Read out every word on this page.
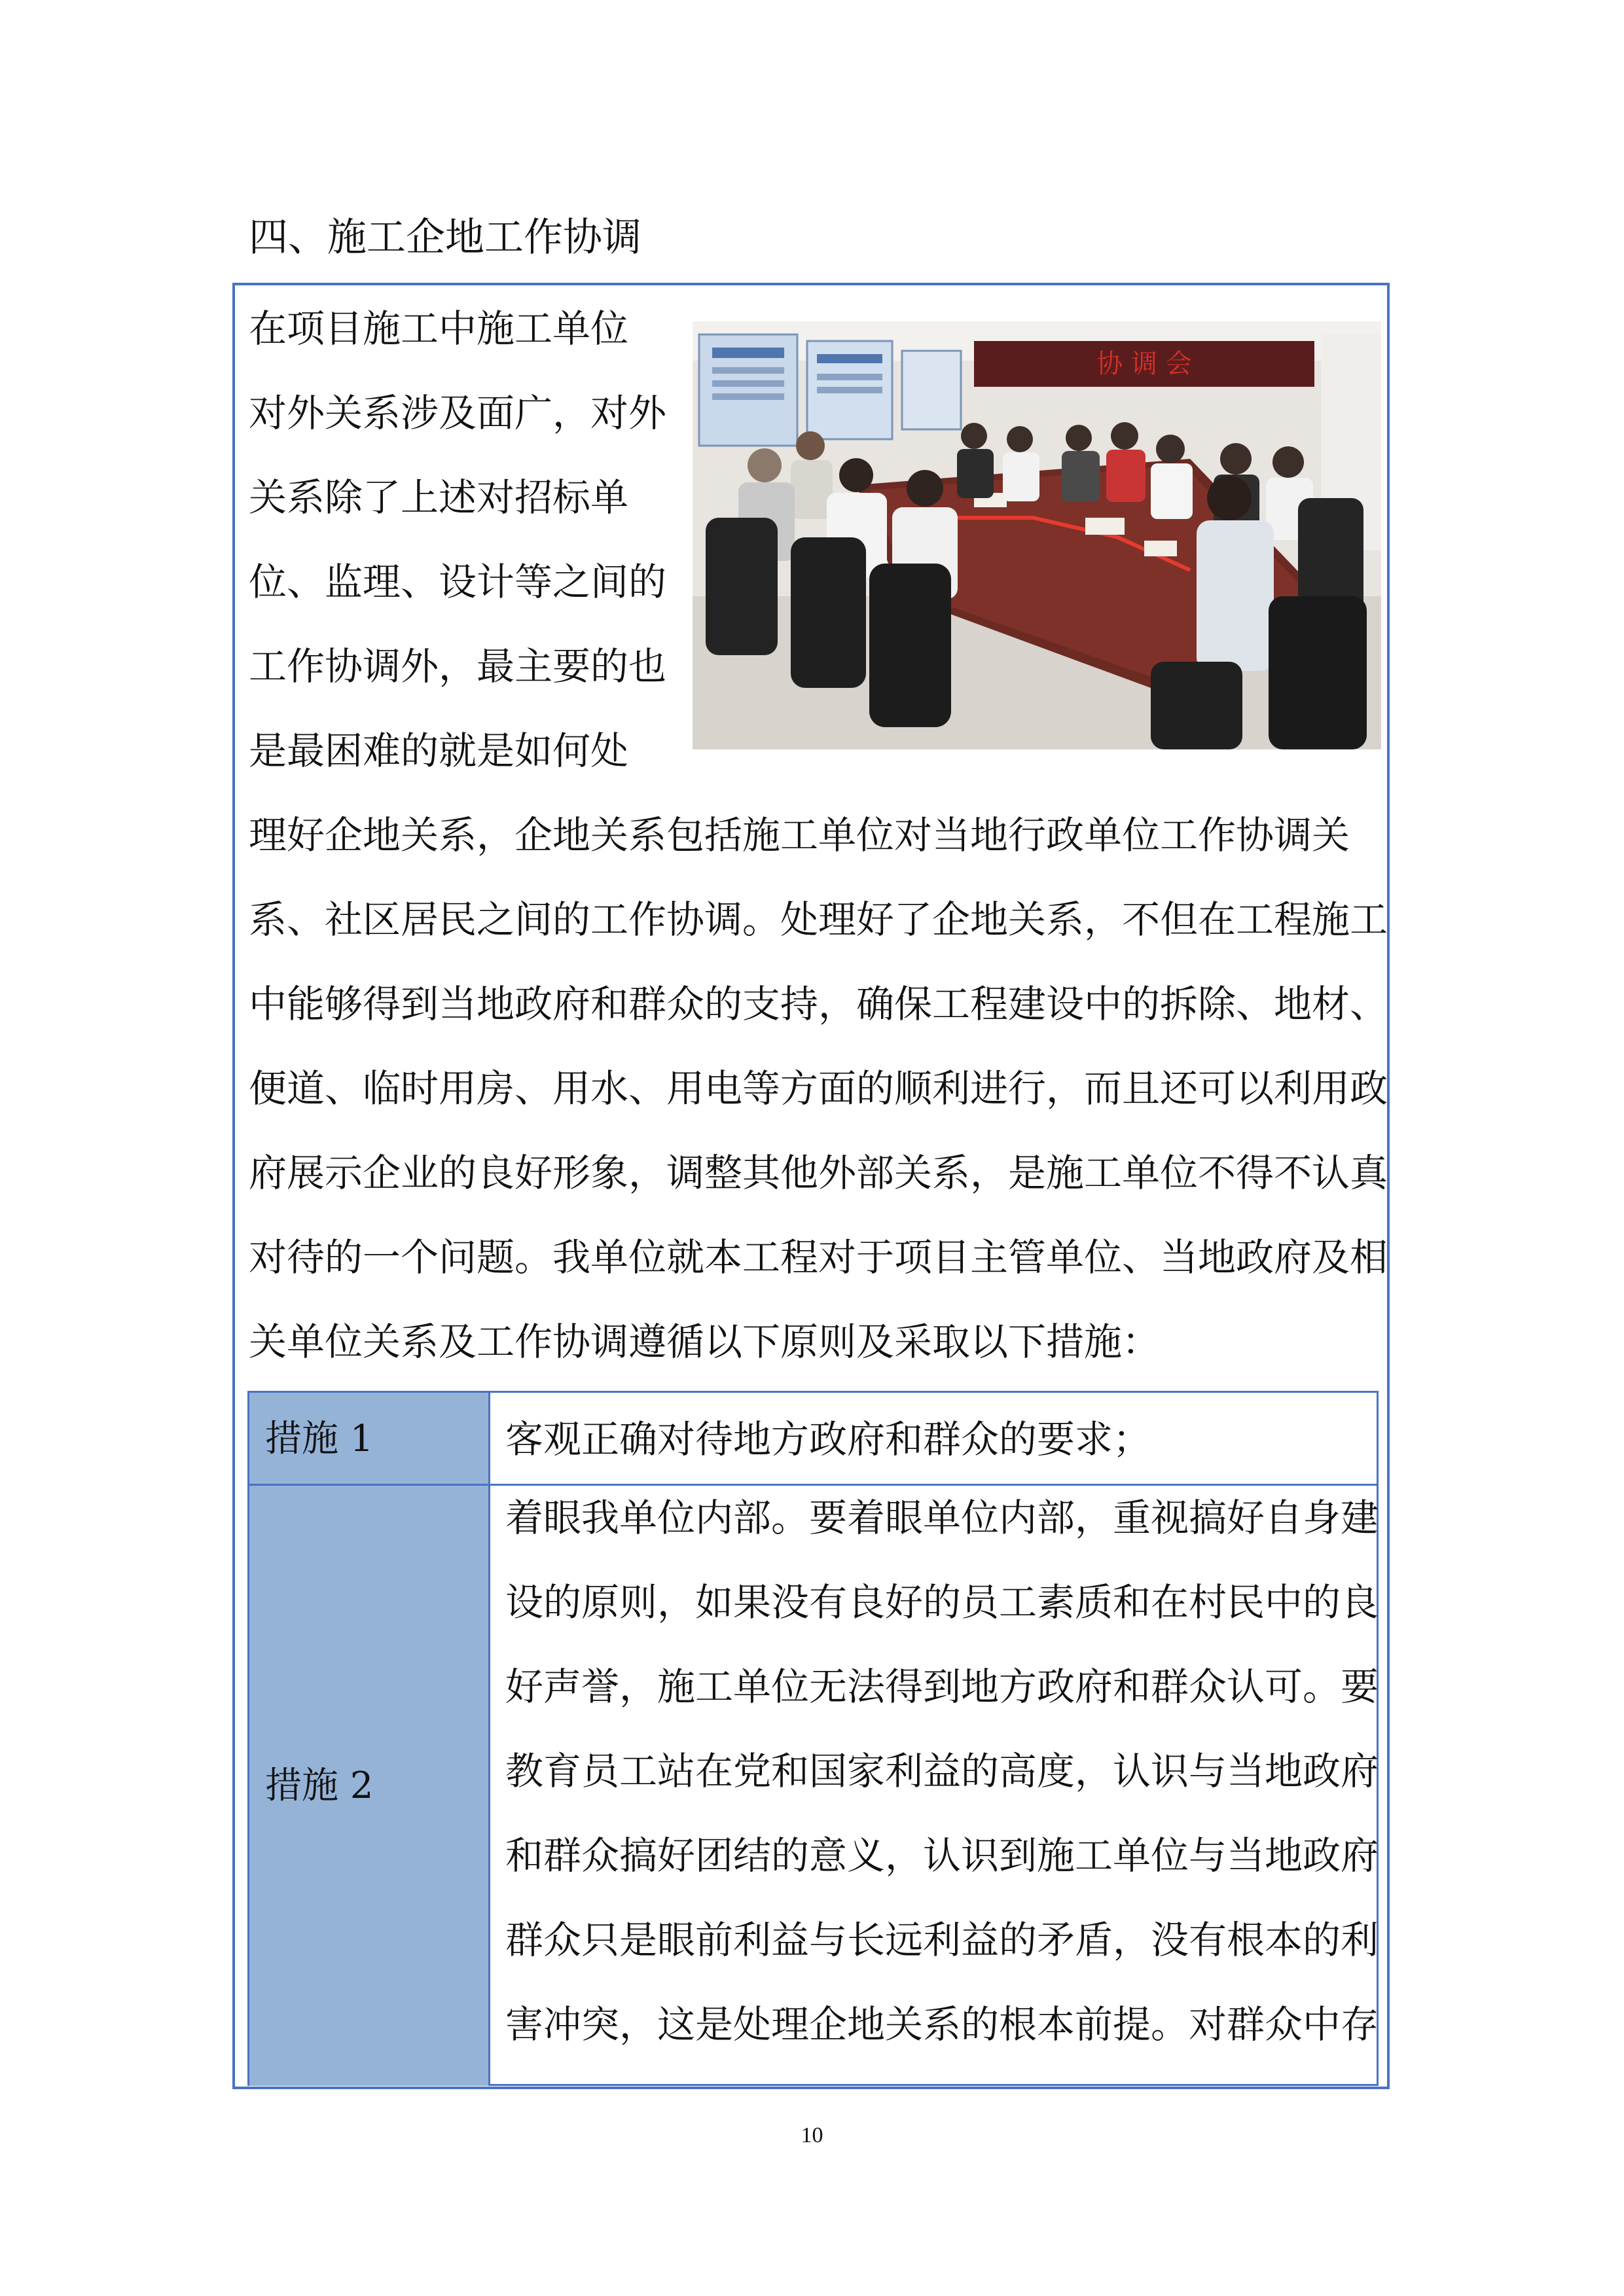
四、施工企地工作协调

在项目施工中施工单位

对外关系涉及面广，对外

关系除了上述对招标单

位、监理、设计等之间的

工作协调外，最主要的也

是最困难的就是如何处

协 调 会

理好企地关系，企地关系包括施工单位对当地行政单位工作协调关

系、社区居民之间的工作协调。处理好了企地关系，不但在工程施工

中能够得到当地政府和群众的支持，确保工程建设中的拆除、地材、

便道、临时用房、用水、用电等方面的顺利进行，而且还可以利用政

府展示企业的良好形象，调整其他外部关系，是施工单位不得不认真

对待的一个问题。我单位就本工程对于项目主管单位、当地政府及相

关单位关系及工作协调遵循以下原则及采取以下措施：

措施 1	客观正确对待地方政府和群众的要求；

措施 2

着眼我单位内部。要着眼单位内部，重视搞好自身建

设的原则，如果没有良好的员工素质和在村民中的良

好声誉，施工单位无法得到地方政府和群众认可。要

教育员工站在党和国家利益的高度，认识与当地政府

和群众搞好团结的意义，认识到施工单位与当地政府

群众只是眼前利益与长远利益的矛盾，没有根本的利

害冲突，这是处理企地关系的根本前提。对群众中存

10
